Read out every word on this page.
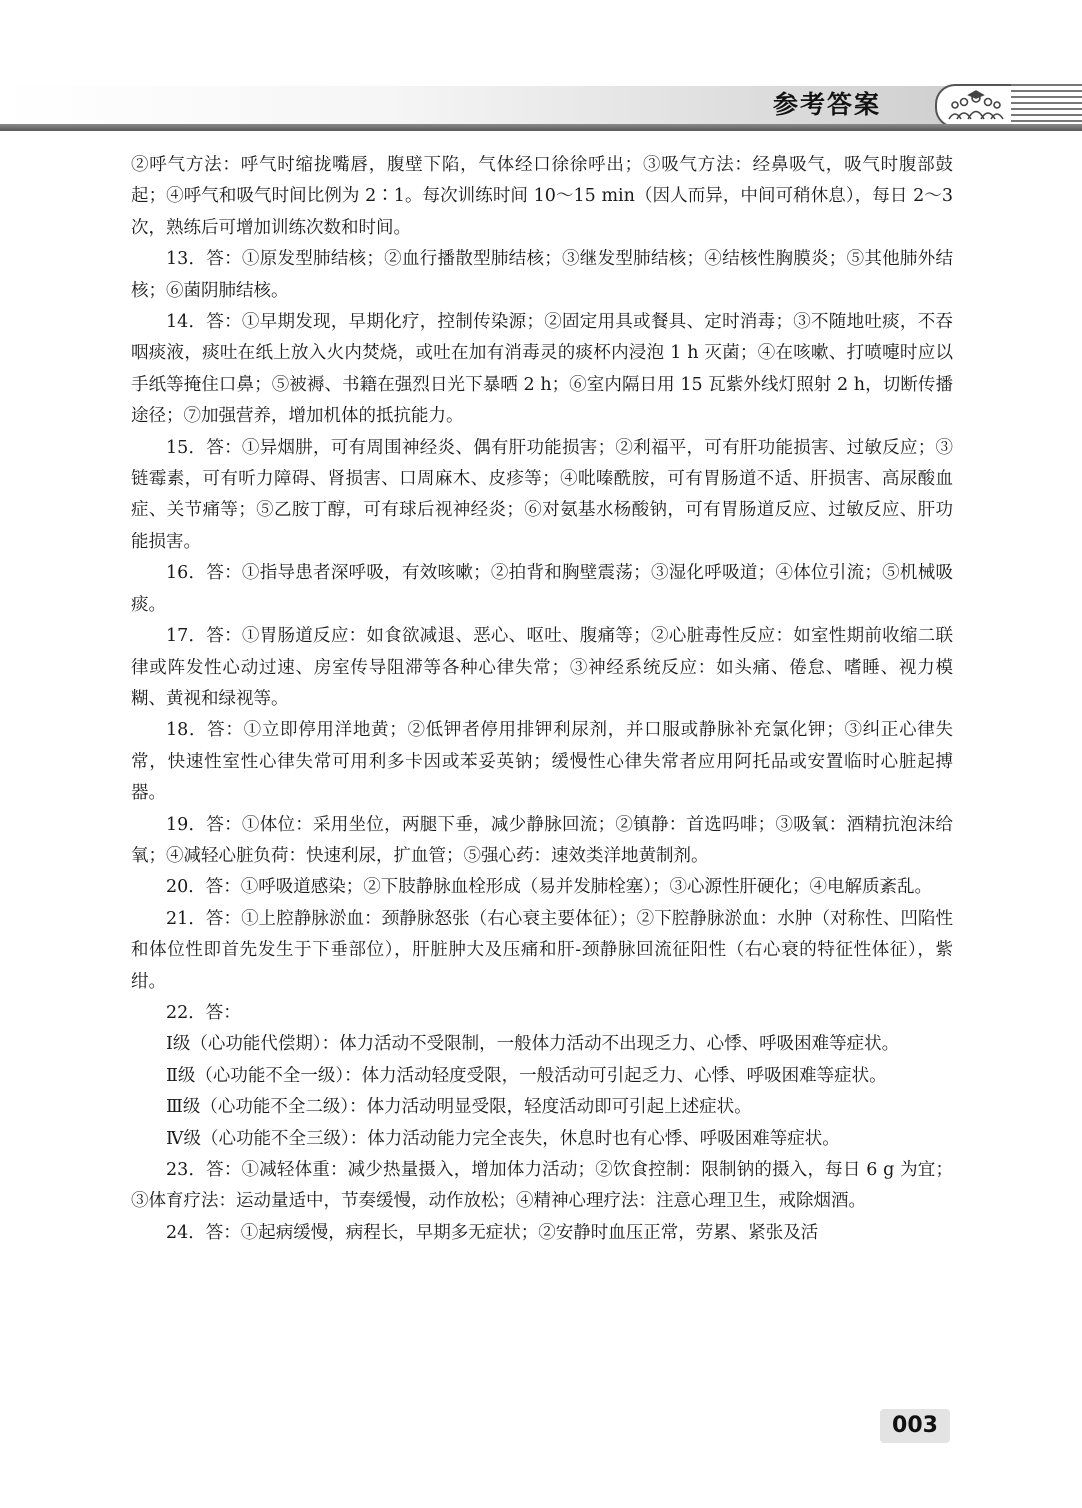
参考答案

②呼气方法：呼气时缩拢嘴唇，腹壁下陷，气体经口徐徐呼出；③吸气方法：经鼻吸气，吸气时腹部鼓起；④呼气和吸气时间比例为 2∶1。每次训练时间 10～15 min（因人而异，中间可稍休息），每日 2～3 次，熟练后可增加训练次数和时间。

13．答：①原发型肺结核；②血行播散型肺结核；③继发型肺结核；④结核性胸膜炎；⑤其他肺外结核；⑥菌阴肺结核。

14．答：①早期发现，早期化疗，控制传染源；②固定用具或餐具、定时消毒；③不随地吐痰，不吞咽痰液，痰吐在纸上放入火内焚烧，或吐在加有消毒灵的痰杯内浸泡 1 h 灭菌；④在咳嗽、打喷嚏时应以手纸等掩住口鼻；⑤被褥、书籍在强烈日光下暴晒 2 h；⑥室内隔日用 15 瓦紫外线灯照射 2 h，切断传播途径；⑦加强营养，增加机体的抵抗能力。

15．答：①异烟肼，可有周围神经炎、偶有肝功能损害；②利福平，可有肝功能损害、过敏反应；③链霉素，可有听力障碍、肾损害、口周麻木、皮疹等；④吡嗪酰胺，可有胃肠道不适、肝损害、高尿酸血症、关节痛等；⑤乙胺丁醇，可有球后视神经炎；⑥对氨基水杨酸钠，可有胃肠道反应、过敏反应、肝功能损害。

16．答：①指导患者深呼吸，有效咳嗽；②拍背和胸壁震荡；③湿化呼吸道；④体位引流；⑤机械吸痰。

17．答：①胃肠道反应：如食欲减退、恶心、呕吐、腹痛等；②心脏毒性反应：如室性期前收缩二联律或阵发性心动过速、房室传导阻滞等各种心律失常；③神经系统反应：如头痛、倦怠、嗜睡、视力模糊、黄视和绿视等。

18．答：①立即停用洋地黄；②低钾者停用排钾利尿剂，并口服或静脉补充氯化钾；③纠正心律失常，快速性室性心律失常可用利多卡因或苯妥英钠；缓慢性心律失常者应用阿托品或安置临时心脏起搏器。

19．答：①体位：采用坐位，两腿下垂，减少静脉回流；②镇静：首选吗啡；③吸氧：酒精抗泡沫给氧；④减轻心脏负荷：快速利尿，扩血管；⑤强心药：速效类洋地黄制剂。

20．答：①呼吸道感染；②下肢静脉血栓形成（易并发肺栓塞）；③心源性肝硬化；④电解质紊乱。

21．答：①上腔静脉淤血：颈静脉怒张（右心衰主要体征）；②下腔静脉淤血：水肿（对称性、凹陷性和体位性即首先发生于下垂部位），肝脏肿大及压痛和肝-颈静脉回流征阳性（右心衰的特征性体征），紫绀。

22．答：

Ⅰ级（心功能代偿期）：体力活动不受限制，一般体力活动不出现乏力、心悸、呼吸困难等症状。

Ⅱ级（心功能不全一级）：体力活动轻度受限，一般活动可引起乏力、心悸、呼吸困难等症状。

Ⅲ级（心功能不全二级）：体力活动明显受限，轻度活动即可引起上述症状。

Ⅳ级（心功能不全三级）：体力活动能力完全丧失，休息时也有心悸、呼吸困难等症状。

23．答：①减轻体重：减少热量摄入，增加体力活动；②饮食控制：限制钠的摄入，每日 6 g 为宜；③体育疗法：运动量适中，节奏缓慢，动作放松；④精神心理疗法：注意心理卫生，戒除烟酒。

24．答：①起病缓慢，病程长，早期多无症状；②安静时血压正常，劳累、紧张及活

003
